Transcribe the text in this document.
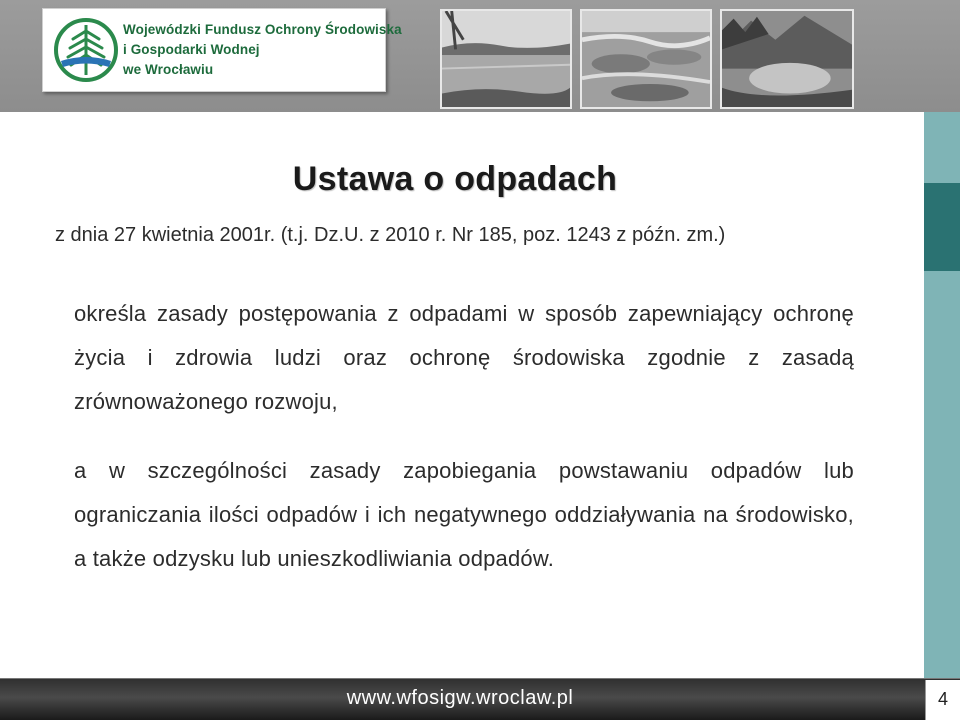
Wojewódzki Fundusz Ochrony Środowiska
i Gospodarki Wodnej
we Wrocławiu
Ustawa o odpadach
z dnia 27 kwietnia 2001r. (t.j. Dz.U. z 2010 r. Nr 185, poz. 1243 z późn. zm.)

określa zasady postępowania z odpadami w sposób zapewniający ochronę życia i zdrowia ludzi oraz ochronę środowiska zgodnie z zasadą zrównoważonego rozwoju,

a w szczególności zasady zapobiegania powstawaniu odpadów lub ograniczania ilości odpadów i ich negatywnego oddziaływania na środowisko, a także odzysku lub unieszkodliwiania odpadów.

www.wfosigw.wroclaw.pl	4
